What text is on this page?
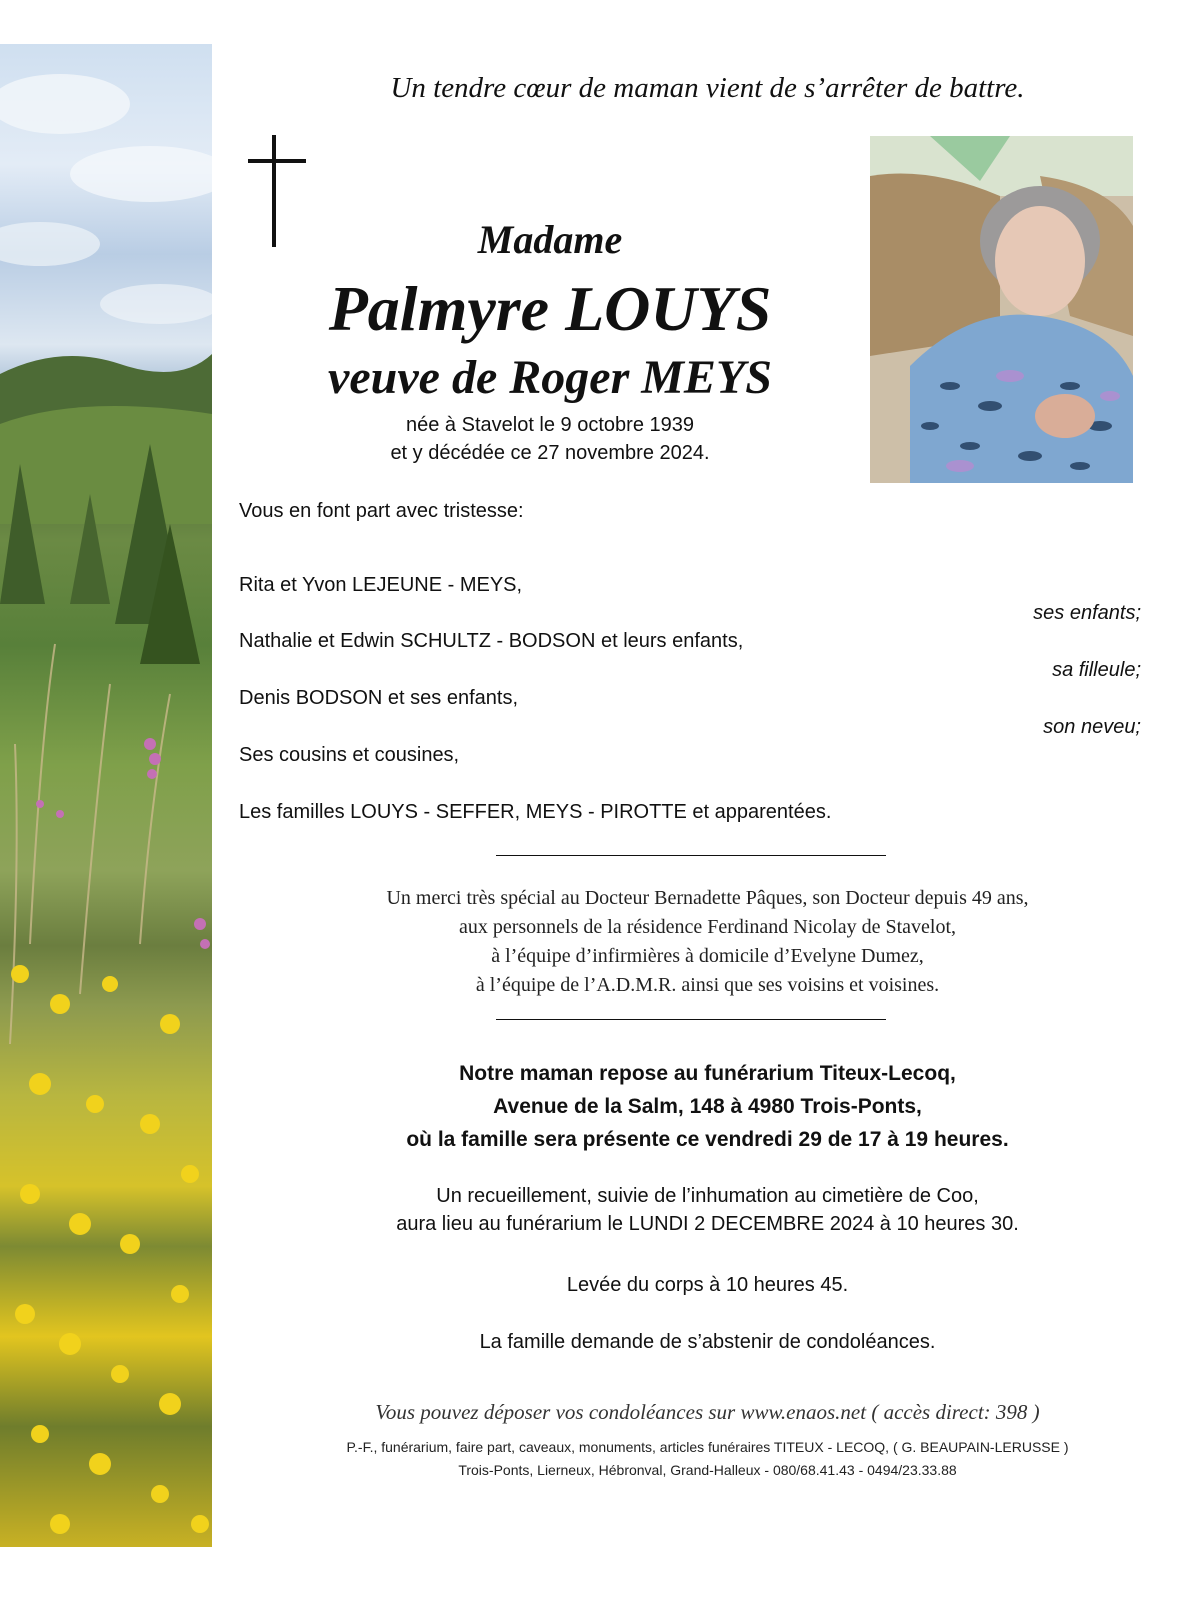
Un tendre cœur de maman vient de s’arrêter de battre.
Madame
Palmyre LOUYS
veuve de Roger MEYS
née à Stavelot le 9 octobre 1939
et y décédée ce 27 novembre 2024.
Vous en font part avec tristesse:
Rita et Yvon LEJEUNE - MEYS,
ses enfants;
Nathalie et Edwin SCHULTZ - BODSON et leurs enfants,
sa filleule;
Denis BODSON et ses enfants,
son neveu;
Ses cousins et cousines,
Les familles LOUYS - SEFFER, MEYS - PIROTTE et apparentées.
Un merci très spécial au Docteur Bernadette Pâques, son Docteur depuis 49 ans,
aux personnels de la résidence Ferdinand Nicolay de Stavelot,
à l’équipe d’infirmières à domicile d’Evelyne Dumez,
à l’équipe de l’A.D.M.R. ainsi que ses voisins et voisines.
Notre maman repose au funérarium Titeux-Lecoq,
Avenue de la Salm, 148 à 4980 Trois-Ponts,
où la famille sera présente ce vendredi 29 de 17 à 19 heures.
Un recueillement, suivie de l’inhumation au cimetière de Coo,
aura lieu au funérarium le LUNDI 2 DECEMBRE 2024 à 10 heures 30.
Levée du corps à 10 heures 45.
La famille demande de s’abstenir de condoléances.
Vous pouvez déposer vos condoléances sur www.enaos.net ( accès direct: 398 )
P.-F., funérarium, faire part, caveaux, monuments, articles funéraires TITEUX - LECOQ, ( G. BEAUPAIN-LERUSSE )
Trois-Ponts, Lierneux, Hébronval, Grand-Halleux - 080/68.41.43 - 0494/23.33.88
